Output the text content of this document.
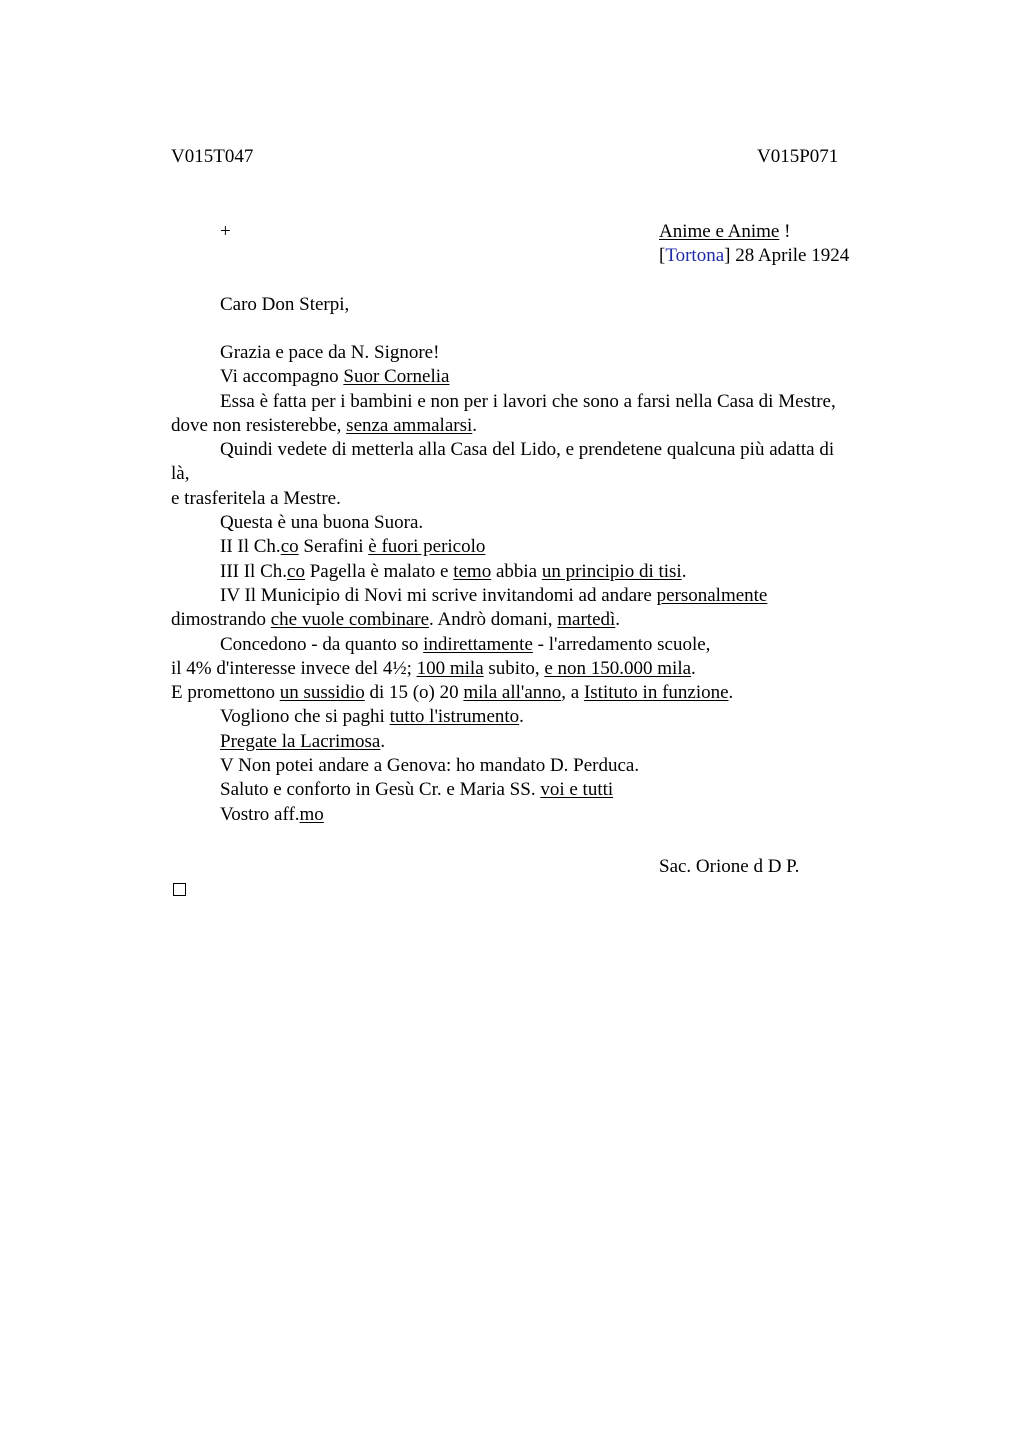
V015T047	V015P071
+	Anime e Anime !
[Tortona] 28 Aprile 1924
Caro Don Sterpi,
Grazia e pace da N. Signore!
Vi accompagno Suor Cornelia
Essa è fatta per i bambini e non per i lavori che sono a farsi nella Casa di Mestre,
dove non resisterebbe, senza ammalarsi.
Quindi vedete di metterla alla Casa del Lido, e prendetene qualcuna più adatta di
là,
e trasferitela a Mestre.
Questa è una buona Suora.
II Il Ch.co Serafini è fuori pericolo
III Il Ch.co Pagella è malato e temo abbia un principio di tisi.
IV Il Municipio di Novi mi scrive invitandomi ad andare personalmente
dimostrando che vuole combinare. Andrò domani, martedì.
Concedono - da quanto so indirettamente - l'arredamento scuole,
il 4% d'interesse invece del 4½; 100 mila subito, e non 150.000 mila.
E promettono un sussidio di 15 (o) 20 mila all'anno, a Istituto in funzione.
Vogliono che si paghi tutto l'istrumento.
Pregate la Lacrimosa.
V Non potei andare a Genova: ho mandato D. Perduca.
Saluto e conforto in Gesù Cr. e Maria SS. voi e tutti
Vostro aff.mo
Sac. Orione d D P.
